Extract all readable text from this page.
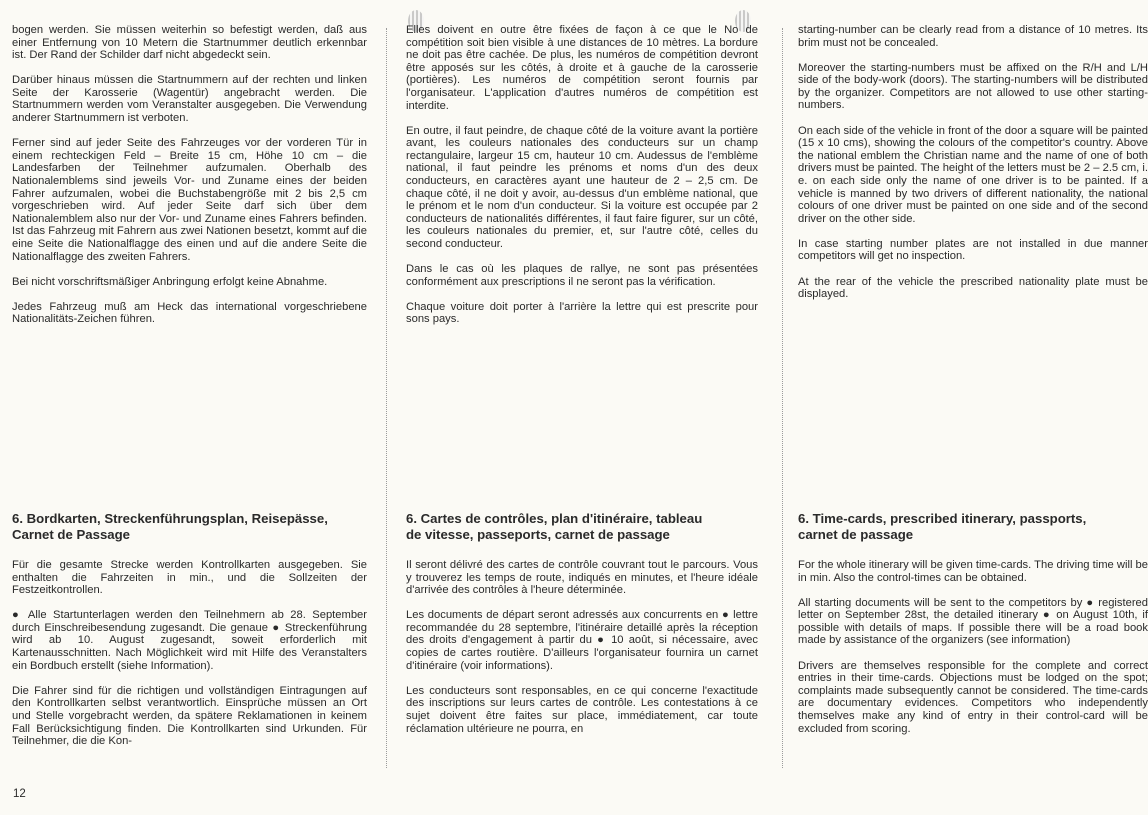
bogen werden. Sie müssen weiterhin so befestigt werden, daß aus einer Entfernung von 10 Metern die Startnummer deutlich erkennbar ist. Der Rand der Schilder darf nicht abgedeckt sein.

Darüber hinaus müssen die Startnummern auf der rechten und linken Seite der Karosserie (Wagentür) angebracht werden. Die Startnummern werden vom Veranstalter ausgegeben. Die Verwendung anderer Startnummern ist verboten.

Ferner sind auf jeder Seite des Fahrzeuges vor der vorderen Tür in einem rechteckigen Feld – Breite 15 cm, Höhe 10 cm – die Landesfarben der Teilnehmer aufzumalen. Oberhalb des Nationalemblems sind jeweils Vor- und Zuname eines der beiden Fahrer aufzumalen, wobei die Buchstabengröße mit 2 bis 2,5 cm vorgeschrieben wird. Auf jeder Seite darf sich über dem Nationalemblem also nur der Vor- und Zuname eines Fahrers befinden. Ist das Fahrzeug mit Fahrern aus zwei Nationen besetzt, kommt auf die eine Seite die Nationalflagge des einen und auf die andere Seite die Nationalflagge des zweiten Fahrers.

Bei nicht vorschriftsmäßiger Anbringung erfolgt keine Abnahme.

Jedes Fahrzeug muß am Heck das international vorgeschriebene Nationalitäts-Zeichen führen.

6. Bordkarten, Streckenführungsplan, Reisepässe,
Carnet de Passage

Für die gesamte Strecke werden Kontrollkarten ausgegeben. Sie enthalten die Fahrzeiten in min., und die Sollzeiten der Festzeitkontrollen.

● Alle Startunterlagen werden den Teilnehmern ab 28. September durch Einschreibesendung zugesandt. Die genaue ● Streckenführung wird ab 10. August zugesandt, soweit erforderlich mit Kartenausschnitten. Nach Möglichkeit wird mit Hilfe des Veranstalters ein Bordbuch erstellt (siehe Information).

Die Fahrer sind für die richtigen und vollständigen Eintragungen auf den Kontrollkarten selbst verantwortlich. Einsprüche müssen an Ort und Stelle vorgebracht werden, da spätere Reklamationen in keinem Fall Berücksichtigung finden. Die Kontrollkarten sind Urkunden. Für Teilnehmer, die die Kon-

Elles doivent en outre être fixées de façon à ce que le No de compétition soit bien visible à une distances de 10 mètres. La bordure ne doit pas être cachée. De plus, les numéros de compétition devront être apposés sur les côtés, à droite et à gauche de la carosserie (portières). Les numéros de compétition seront fournis par l'organisateur. L'application d'autres numéros de compétition est interdite.

En outre, il faut peindre, de chaque côté de la voiture avant la portière avant, les couleurs nationales des conducteurs sur un champ rectangulaire, largeur 15 cm, hauteur 10 cm. Audessus de l'emblème national, il faut peindre les prénoms et noms d'un des deux conducteurs, en caractères ayant une hauteur de 2 – 2,5 cm. De chaque côté, il ne doit y avoir, au-dessus d'un emblème national, que le prénom et le nom d'un conducteur. Si la voiture est occupée par 2 conducteurs de nationalités différentes, il faut faire figurer, sur un côté, les couleurs nationales du premier, et, sur l'autre côté, celles du second conducteur.

Dans le cas où les plaques de rallye, ne sont pas présentées conformément aux prescriptions il ne seront pas la vérification.

Chaque voiture doit porter à l'arrière la lettre qui est prescrite pour sons pays.

6. Cartes de contrôles, plan d'itinéraire, tableau
de vitesse, passeports, carnet de passage

Il seront délivré des cartes de contrôle couvrant tout le parcours. Vous y trouverez les temps de route, indiqués en minutes, et l'heure idéale d'arrivée des contrôles à l'heure déterminée.

Les documents de départ seront adressés aux concurrents en ● lettre recommandée du 28 septembre, l'itinéraire detaillé après la réception des droits d'engagement à partir du ● 10 août, si nécessaire, avec copies de cartes routière. D'ailleurs l'organisateur fournira un carnet d'itinéraire (voir informations).

Les conducteurs sont responsables, en ce qui concerne l'exactitude des inscriptions sur leurs cartes de contrôle. Les contestations à ce sujet doivent être faites sur place, immédiatement, car toute réclamation ultérieure ne pourra, en

starting-number can be clearly read from a distance of 10 metres. Its brim must not be concealed.

Moreover the starting-numbers must be affixed on the R/H and L/H side of the body-work (doors). The starting-numbers will be distributed by the organizer. Competitors are not allowed to use other starting-numbers.

On each side of the vehicle in front of the door a square will be painted (15 x 10 cms), showing the colours of the competitor's country. Above the national emblem the Christian name and the name of one of both drivers must be painted. The height of the letters must be 2 – 2.5 cm, i. e. on each side only the name of one driver is to be painted. If a vehicle is manned by two drivers of different nationality, the national colours of one driver must be painted on one side and of the second driver on the other side.

In case starting number plates are not installed in due manner competitors will get no inspection.

At the rear of the vehicle the prescribed nationality plate must be displayed.

6. Time-cards, prescribed itinerary, passports,
carnet de passage

For the whole itinerary will be given time-cards. The driving time will be in min. Also the control-times can be obtained.

All starting documents will be sent to the competitors by ● registered letter on September 28st, the detailed itinerary ● on August 10th, if possible with details of maps. If possible there will be a road book made by assistance of the organizers (see information)

Drivers are themselves responsible for the complete and correct entries in their time-cards. Objections must be lodged on the spot; complaints made subsequently cannot be considered. The time-cards are documentary evidences. Competitors who independently themselves make any kind of entry in their control-card will be excluded from scoring.

12
